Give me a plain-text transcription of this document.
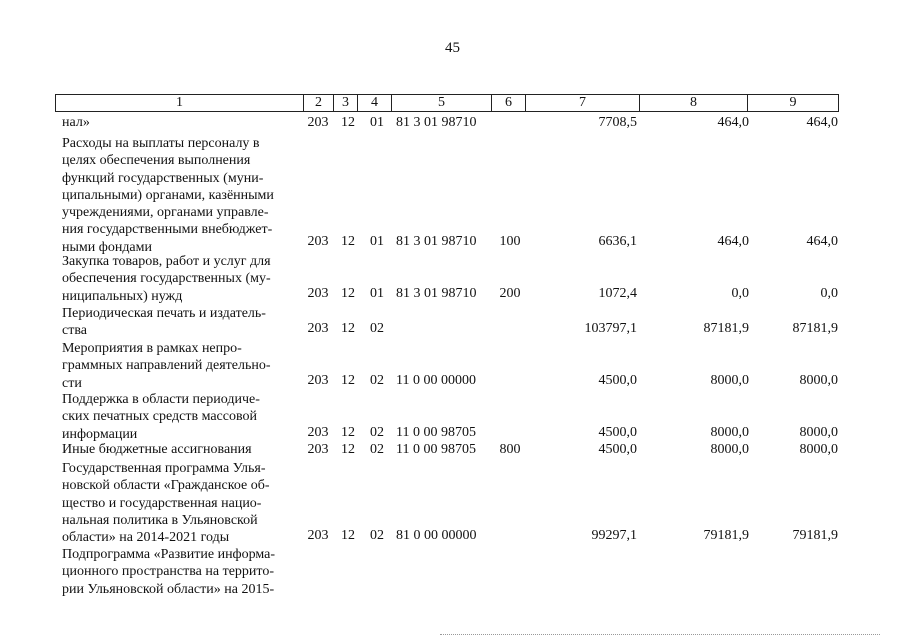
45
1	2	3	4	5	6	7	8	9
нал»	203 12	01 81 3 01 98710	7708,5	464,0	464,0
Расходы на выплаты персоналу в
целях обеспечения выполнения
функций государственных (муни-
ципальными) органами, казёнными
учреждениями, органами управле-
ния государственными внебюджет-
ными фондами	203 12	01 81 3 01 98710	100	6636,1	464,0	464,0
Закупка товаров, работ и услуг для
обеспечения государственных (му-
ниципальных) нужд	203 12	01 81 3 01 98710	200	1072,4	0,0	0,0
Периодическая печать и издатель-
ства	203 12	02	103797,1	87181,9	87181,9
Мероприятия в рамках непро-
граммных направлений деятельно-
сти	203 12	02 11 0 00 00000	4500,0	8000,0	8000,0
Поддержка в области периодиче-
ских печатных средств массовой
информации	203 12	02 11 0 00 98705	4500,0	8000,0	8000,0
Иные бюджетные ассигнования	203 12	02 11 0 00 98705	800	4500,0	8000,0	8000,0
Государственная программа Улья-
новской области «Гражданское об-
щество и государственная нацио-
нальная политика в Ульяновской
области» на 2014-2021 годы	203 12	02 81 0 00 00000	99297,1	79181,9	79181,9
Подпрограмма «Развитие информа-
ционного пространства на террито-
рии Ульяновской области» на 2015-
